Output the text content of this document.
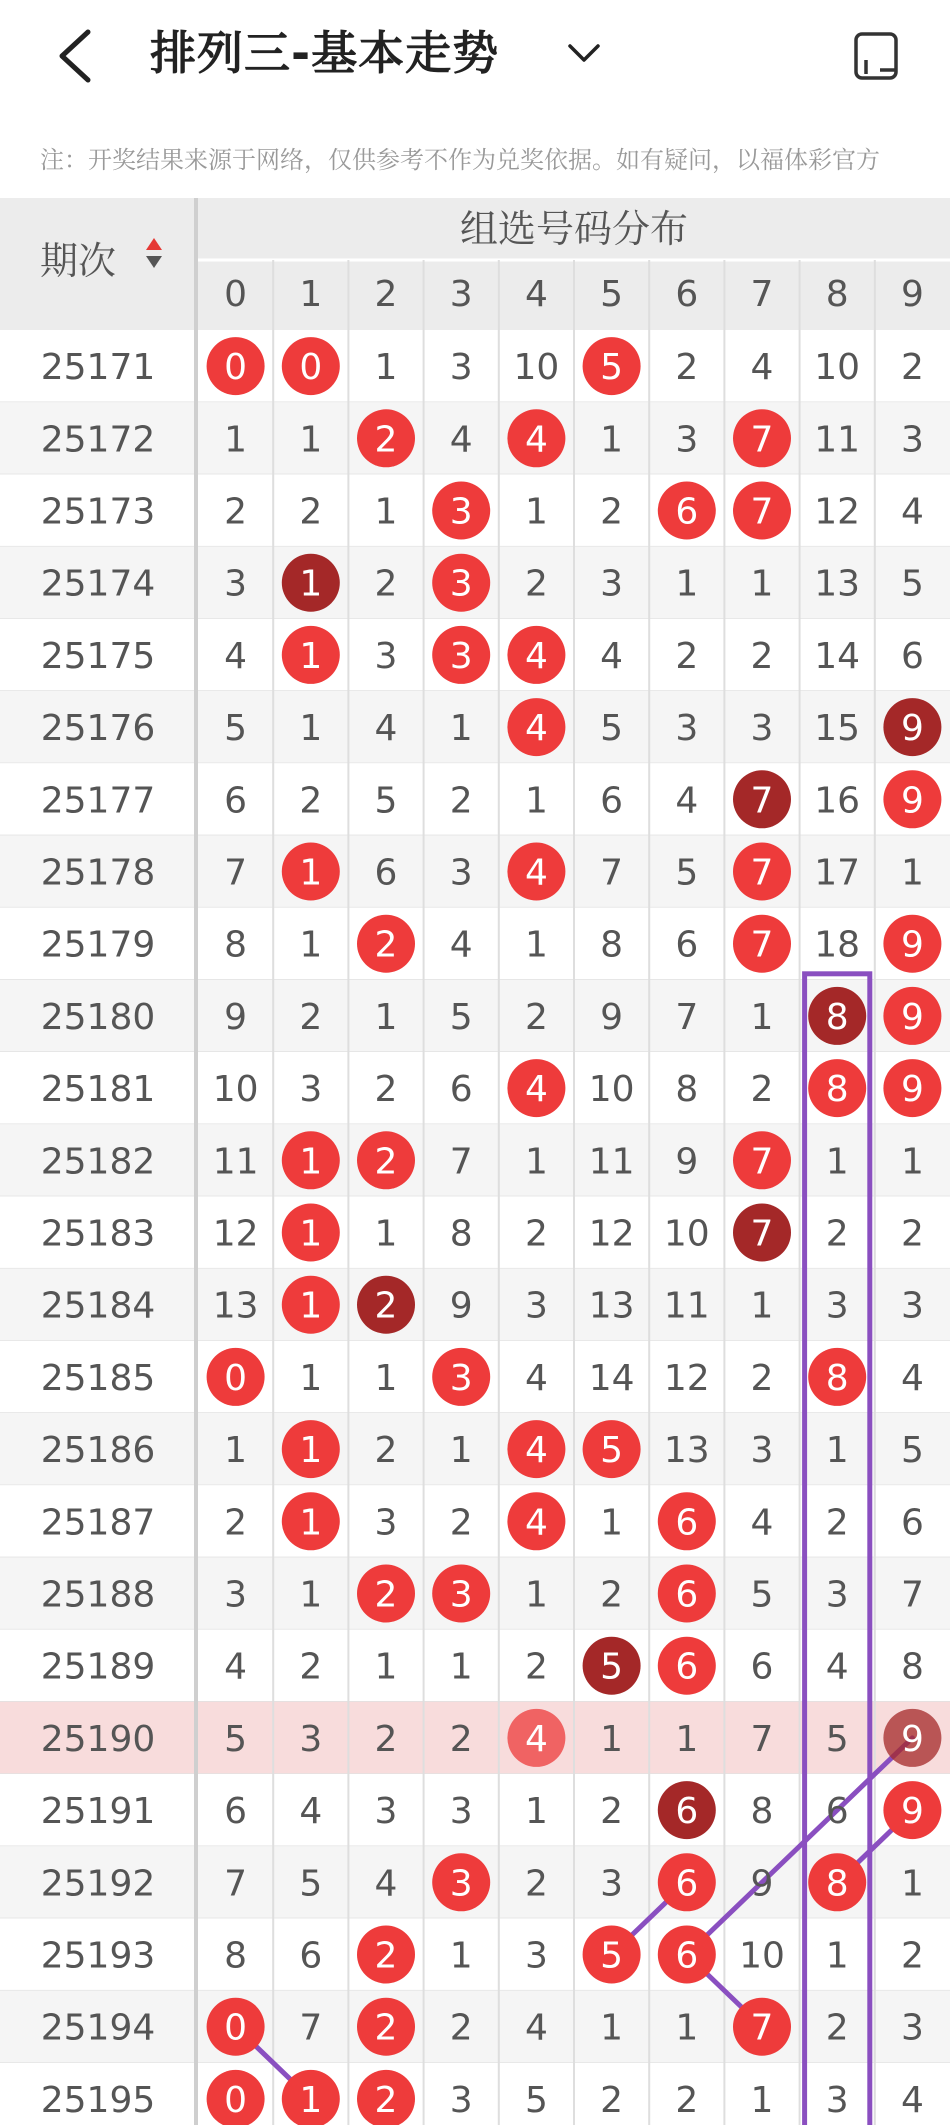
排列三-基本走势
注：开奖结果来源于网络，仅供参考不作为兑奖依据。如有疑问，以福体彩官方
期次
组选号码分布
0 1 2 3 4 5 6 7 8 9
25171
25172
25173
25174
25175
25176
25177
25178
25179
25180
25181
25182
25183
25184
25185
25186
25187
25188
25189
25190
25191
25192
25193
25194
25195
0 0 1 3 10 5 2 4 10 2
1 1 2 4 4 1 3 7 11 3
2 2 1 3 1 2 6 7 12 4
3 1 2 3 2 3 1 1 13 5
4 1 3 3 4 4 2 2 14 6
5 1 4 1 4 5 3 3 15 9
6 2 5 2 1 6 4 7 16 9
7 1 6 3 4 7 5 7 17 1
8 1 2 4 1 8 6 7 18 9
9 2 1 5 2 9 7 1 8 9
10 3 2 6 4 10 8 2 8 9
11 1 2 7 1 11 9 7 1 1
12 1 1 8 2 12 10 7 2 2
13 1 2 9 3 13 11 1 3 3
0 1 1 3 4 14 12 2 8 4
1 1 2 1 4 5 13 3 1 5
2 1 3 2 4 1 6 4 2 6
3 1 2 3 1 2 6 5 3 7
4 2 1 1 2 5 6 6 4 8
5 3 2 2 4 1 1 7 5 9
6 4 3 3 1 2 6 8 6 9
7 5 4 3 2 3 6 9 8 1
8 6 2 1 3 5 6 10 1 2
0 7 2 2 4 1 1 7 2 3
0 1 2 3 5 2 2 1 3 4
